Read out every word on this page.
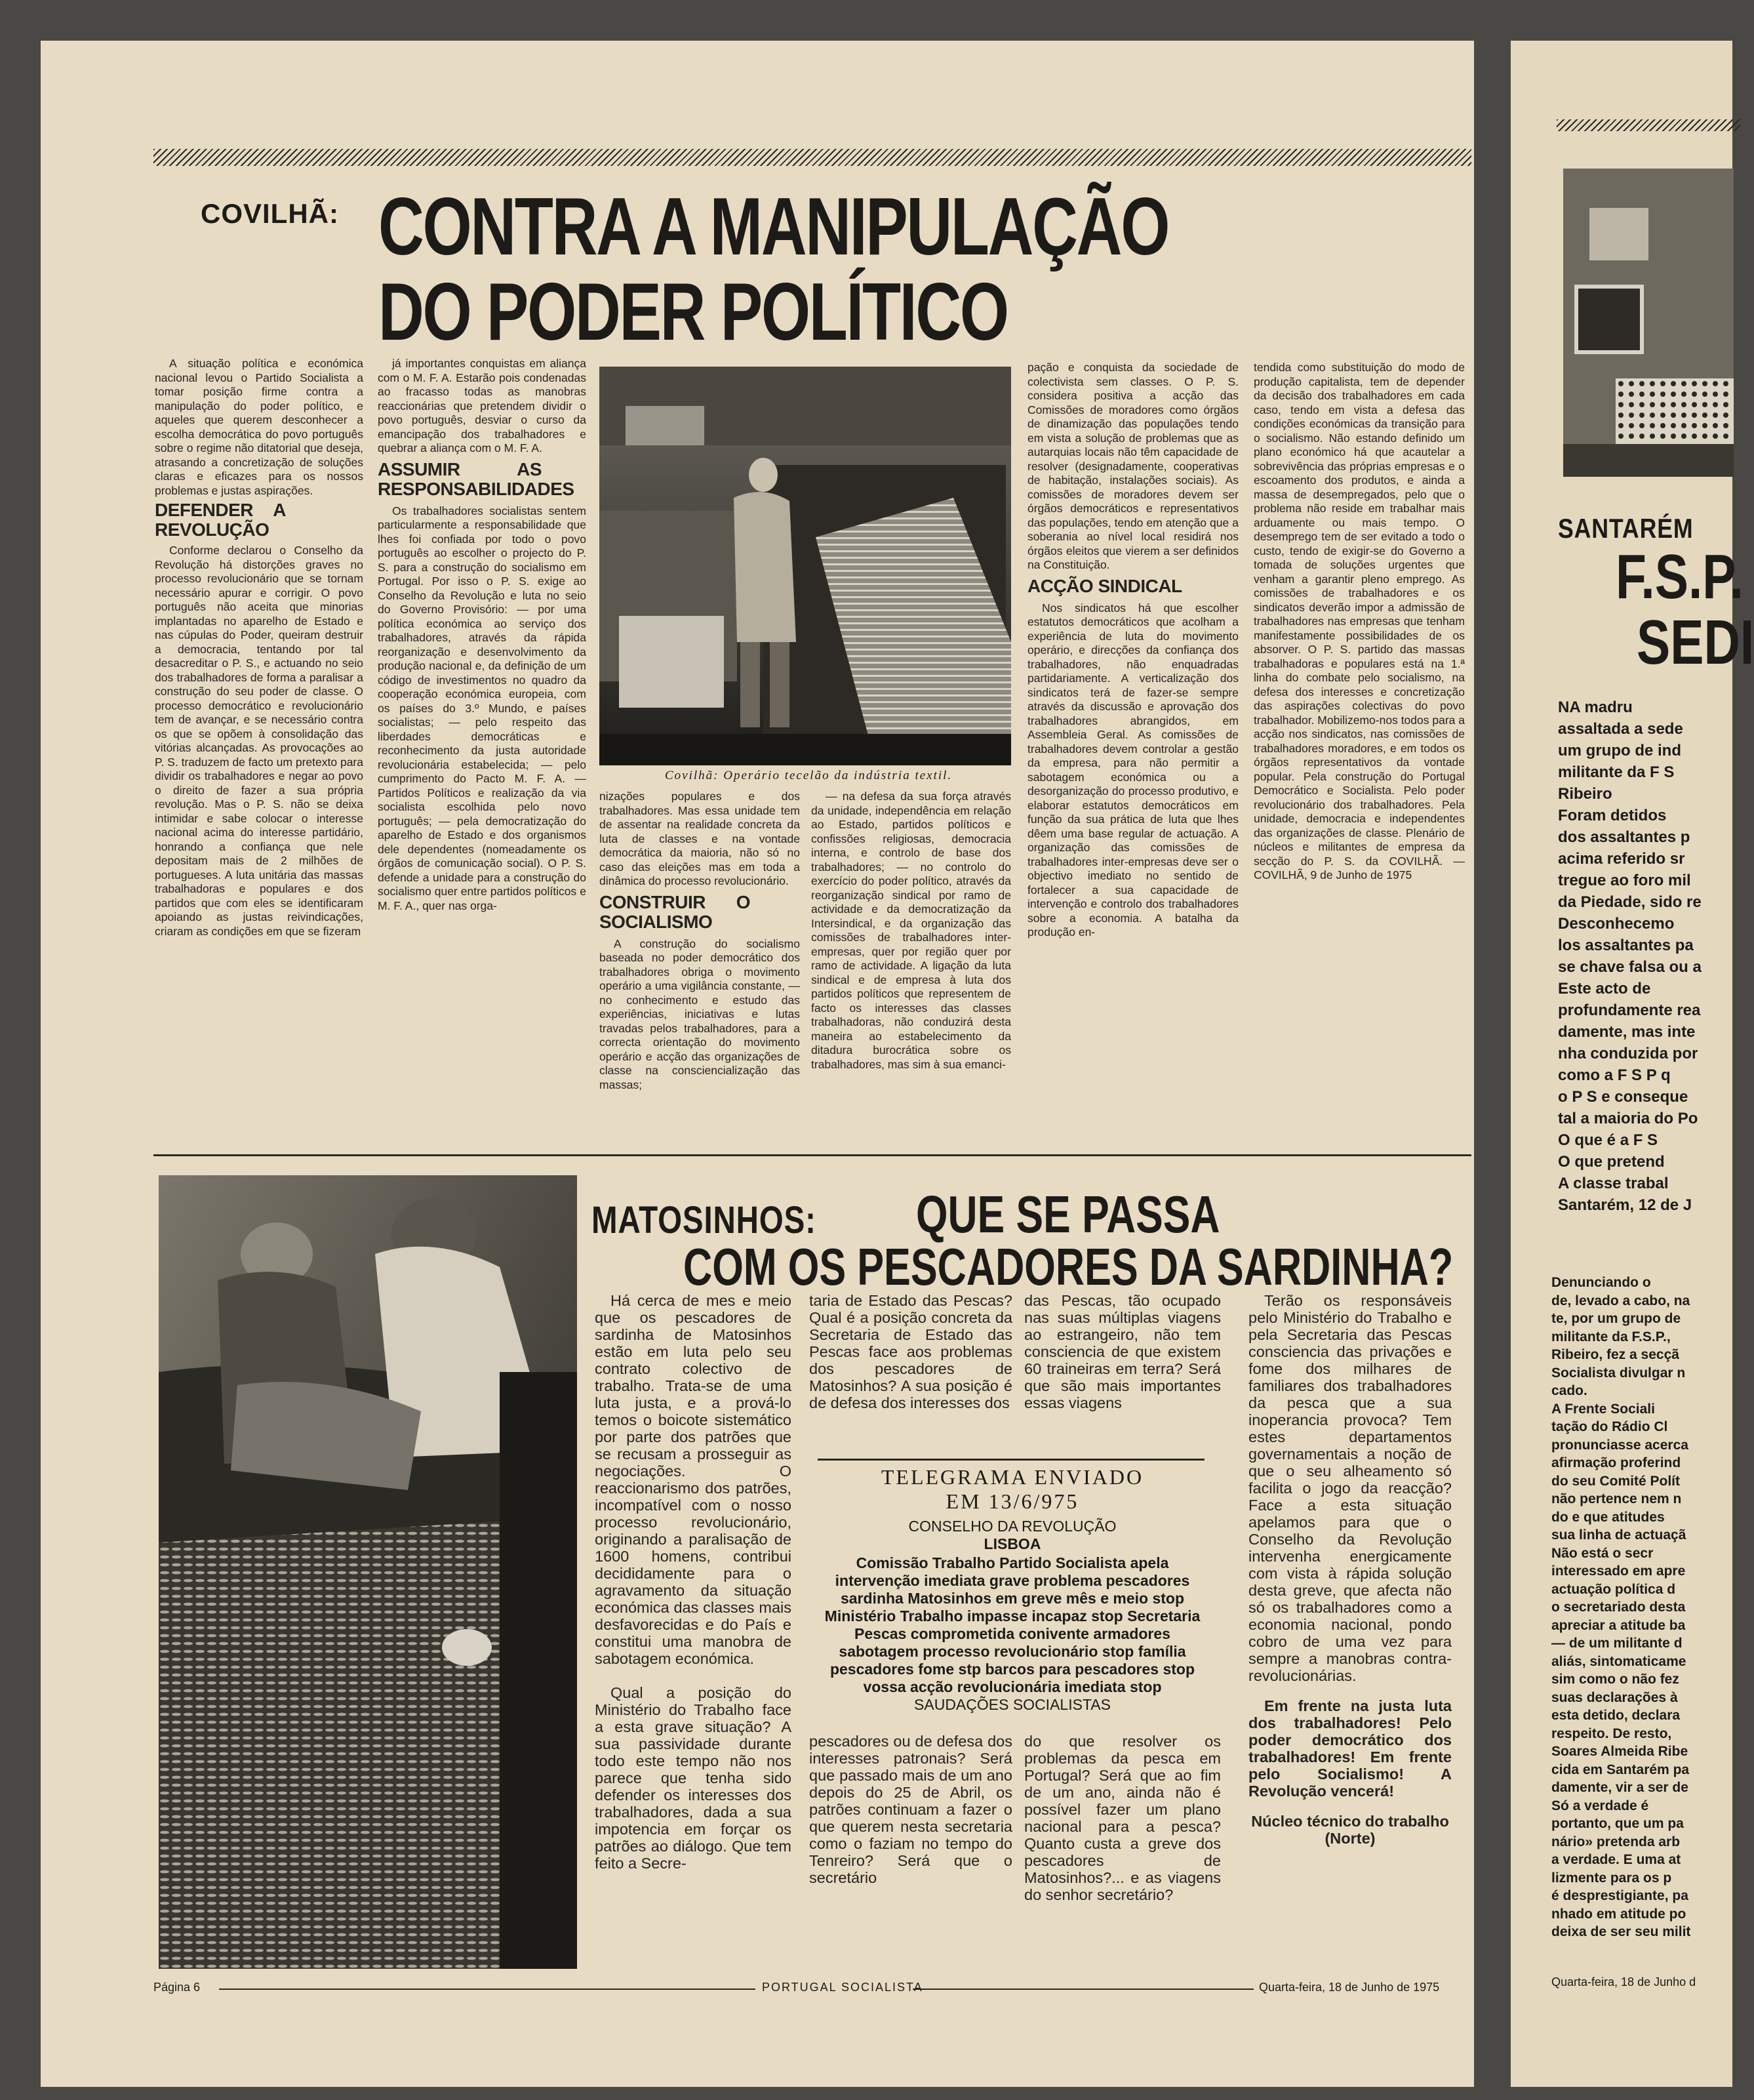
COVILHÃ: CONTRA A MANIPULAÇÃO
DO PODER POLÍTICO

A situação política e económica nacional levou o Partido Socialista a tomar posição firme contra a manipulação do poder político, e aqueles que querem desconhecer a escolha democrática do povo português sobre o regime não ditatorial que deseja, atrasando a concretização de soluções claras e eficazes para os nossos problemas e justas aspirações.

DEFENDER A REVOLUÇÃO

Conforme declarou o Conselho da Revolução há distorções graves no processo revolucionário que se tornam necessário apurar e corrigir. O povo português não aceita que minorias implantadas no aparelho de Estado e nas cúpulas do Poder, queiram destruir a democracia, tentando por tal desacreditar o P. S., e actuando no seio dos trabalhadores de forma a paralisar a construção do seu poder de classe. O processo democrático e revolucionário tem de avançar, e se necessário contra os que se opõem à consolidação das vitórias alcançadas. As provocações ao P. S. traduzem de facto um pretexto para dividir os trabalhadores e negar ao povo o direito de fazer a sua própria revolução. Mas o P. S. não se deixa intimidar e sabe colocar o interesse nacional acima do interesse partidário, honrando a confiança que nele depositam mais de 2 milhões de portugueses. A luta unitária das massas trabalhadoras e populares e dos partidos que com eles se identificaram apoiando as justas reivindicações, criaram as condições em que se fizeram

já importantes conquistas em aliança com o M. F. A. Estarão pois condenadas ao fracasso todas as manobras reaccionárias que pretendem dividir o povo português, desviar o curso da emancipação dos trabalhadores e quebrar a aliança com o M. F. A.

ASSUMIR AS RESPONSABILIDADES

Os trabalhadores socialistas sentem particularmente a responsabilidade que lhes foi confiada por todo o povo português ao escolher o projecto do P. S. para a construção do socialismo em Portugal. Por isso o P. S. exige ao Conselho da Revolução e luta no seio do Governo Provisório: — por uma política económica ao serviço dos trabalhadores, através da rápida reorganização e desenvolvimento da produção nacional e, da definição de um código de investimentos no quadro da cooperação económica europeia, com os países do 3.º Mundo, e países socialistas; — pelo respeito das liberdades democráticas e reconhecimento da justa autoridade revolucionária estabelecida; — pelo cumprimento do Pacto M. F. A. — Partidos Políticos e realização da via socialista escolhida pelo novo português; — pela democratização do aparelho de Estado e dos organismos dele dependentes (nomeadamente os órgãos de comunicação social). O P. S. defende a unidade para a construção do socialismo quer entre partidos políticos e M. F. A., quer nas orga-

Covilhã: Operário tecelão da indústria textil.

nizações populares e dos trabalhadores. Mas essa unidade tem de assentar na realidade concreta da luta de classes e na vontade democrática da maioria, não só no caso das eleições mas em toda a dinâmica do processo revolucionário.

CONSTRUIR O SOCIALISMO

A construção do socialismo baseada no poder democrático dos trabalhadores obriga o movimento operário a uma vigilância constante, — no conhecimento e estudo das experiências, iniciativas e lutas travadas pelos trabalhadores, para a correcta orientação do movimento operário e acção das organizações de classe na consciencialização das massas;

— na defesa da sua força através da unidade, independência em relação ao Estado, partidos políticos e confissões religiosas, democracia interna, e controlo de base dos trabalhadores; — no controlo do exercício do poder político, através da reorganização sindical por ramo de actividade e da democratização da Intersindical, e da organização das comissões de trabalhadores inter-empresas, quer por região quer por ramo de actividade. A ligação da luta sindical e de empresa à luta dos partidos políticos que representem de facto os interesses das classes trabalhadoras, não conduzirá desta maneira ao estabelecimento da ditadura burocrática sobre os trabalhadores, mas sim à sua emanci-

pação e conquista da sociedade de colectivista sem classes. O P. S. considera positiva a acção das Comissões de moradores como órgãos de dinamização das populações tendo em vista a solução de problemas que as autarquias locais não têm capacidade de resolver (designadamente, cooperativas de habitação, instalações sociais). As comissões de moradores devem ser órgãos democráticos e representativos das populações, tendo em atenção que a soberania ao nível local residirá nos órgãos eleitos que vierem a ser definidos na Constituição.

ACÇÃO SINDICAL

Nos sindicatos há que escolher estatutos democráticos que acolham a experiência de luta do movimento operário, e direcções da confiança dos trabalhadores, não enquadradas partidariamente. A verticalização dos sindicatos terá de fazer-se sempre através da discussão e aprovação dos trabalhadores abrangidos, em Assembleia Geral. As comissões de trabalhadores devem controlar a gestão da empresa, para não permitir a sabotagem económica ou a desorganização do processo produtivo, e elaborar estatutos democráticos em função da sua prática de luta que lhes dêem uma base regular de actuação. A organização das comissões de trabalhadores inter-empresas deve ser o objectivo imediato no sentido de fortalecer a sua capacidade de intervenção e controlo dos trabalhadores sobre a economia. A batalha da produção en-

tendida como substituição do modo de produção capitalista, tem de depender da decisão dos trabalhadores em cada caso, tendo em vista a defesa das condições económicas da transição para o socialismo. Não estando definido um plano económico há que acautelar a sobrevivência das próprias empresas e o escoamento dos produtos, e ainda a massa de desempregados, pelo que o problema não reside em trabalhar mais arduamente ou mais tempo. O desemprego tem de ser evitado a todo o custo, tendo de exigir-se do Governo a tomada de soluções urgentes que venham a garantir pleno emprego. As comissões de trabalhadores e os sindicatos deverão impor a admissão de trabalhadores nas empresas que tenham manifestamente possibilidades de os absorver. O P. S. partido das massas trabalhadoras e populares está na 1.ª linha do combate pelo socialismo, na defesa dos interesses e concretização das aspirações colectivas do povo trabalhador. Mobilizemo-nos todos para a acção nos sindicatos, nas comissões de trabalhadores moradores, e em todos os órgãos representativos da vontade popular. Pela construção do Portugal Democrático e Socialista. Pelo poder revolucionário dos trabalhadores. Pela unidade, democracia e independentes das organizações de classe. Plenário de núcleos e militantes de empresa da secção do P. S. da COVILHÃ. — COVILHÃ, 9 de Junho de 1975

MATOSINHOS: QUE SE PASSA
COM OS PESCADORES DA SARDINHA?

Há cerca de mes e meio que os pescadores de sardinha de Matosinhos estão em luta pelo seu contrato colectivo de trabalho. Trata-se de uma luta justa, e a prová-lo temos o boicote sistemático por parte dos patrões que se recusam a prosseguir as negociações. O reaccionarismo dos patrões, incompatível com o nosso processo revolucionário, originando a paralisação de 1600 homens, contribui decididamente para o agravamento da situação económica das classes mais desfavorecidas e do País e constitui uma manobra de sabotagem económica.

Qual a posição do Ministério do Trabalho face a esta grave situação? A sua passividade durante todo este tempo não nos parece que tenha sido defender os interesses dos trabalhadores, dada a sua impotencia em forçar os patrões ao diálogo. Que tem feito a Secre-

taria de Estado das Pescas? Qual é a posição concreta da Secretaria de Estado das Pescas face aos problemas dos pescadores de Matosinhos? A sua posição é de defesa dos interesses dos

das Pescas, tão ocupado nas suas múltiplas viagens ao estrangeiro, não tem consciencia de que existem 60 traineiras em terra? Será que são mais importantes essas viagens

TELEGRAMA ENVIADO
EM 13/6/975
CONSELHO DA REVOLUÇÃO
LISBOA
Comissão Trabalho Partido Socialista apela intervenção imediata grave problema pescadores sardinha Matosinhos em greve mês e meio stop Ministério Trabalho impasse incapaz stop Secretaria Pescas comprometida conivente armadores sabotagem processo revolucionário stop família pescadores fome stp barcos para pescadores stop vossa acção revolucionária imediata stop
SAUDAÇÕES SOCIALISTAS

pescadores ou de defesa dos interesses patronais? Será que passado mais de um ano depois do 25 de Abril, os patrões continuam a fazer o que querem nesta secretaria como o faziam no tempo do Tenreiro? Será que o secretário

do que resolver os problemas da pesca em Portugal? Será que ao fim de um ano, ainda não é possível fazer um plano nacional para a pesca? Quanto custa a greve dos pescadores de Matosinhos?... e as viagens do senhor secretário?

Terão os responsáveis pelo Ministério do Trabalho e pela Secretaria das Pescas consciencia das privações e fome dos milhares de familiares dos trabalhadores da pesca que a sua inoperancia provoca? Tem estes departamentos governamentais a noção de que o seu alheamento só facilita o jogo da reacção? Face a esta situação apelamos para que o Conselho da Revolução intervenha energicamente com vista à rápida solução desta greve, que afecta não só os trabalhadores como a economia nacional, pondo cobro de uma vez para sempre a manobras contra-revolucionárias.

Em frente na justa luta dos trabalhadores! Pelo poder democrático dos trabalhadores! Em frente pelo Socialismo! A Revolução vencerá!

Núcleo técnico do trabalho (Norte)

Página 6	PORTUGAL SOCIALISTA	Quarta-feira, 18 de Junho de 1975
SANTARÉM
F.S.P.
SEDI
NA madru
assaltada a sede
um grupo de ind
militante da F S
Ribeiro
Foram detidos
dos assaltantes p
acima referido sr
tregue ao foro mil
da Piedade, sido re
Desconhecemo
los assaltantes pa
se chave falsa ou a
Este acto de
profundamente rea
damente, mas inte
nha conduzida por
como a F S P q
o P S e conseque
tal a maioria do Po
O que é a F S
O que pretend
A classe trabal
Santarém, 12 de J
Denunciando o
de, levado a cabo, na
te, por um grupo de
militante da F.S.P.,
Ribeiro, fez a secçã
Socialista divulgar n
cado.
A Frente Sociali
tação do Rádio Cl
pronunciasse acerca
afirmação proferind
do seu Comité Polít
não pertence nem n
do e que atitudes
sua linha de actuaçã
Não está o secr
interessado em apre
actuação política d
o secretariado desta
apreciar a atitude ba
— de um militante d
aliás, sintomaticame
sim como o não fez
suas declarações à
esta detido, declara
respeito. De resto,
Soares Almeida Ribe
cida em Santarém pa
damente, vir a ser de
Só a verdade é
portanto, que um pa
nário» pretenda arb
a verdade. E uma at
lizmente para os p
é desprestigiante, pa
nhado em atitude po
deixa de ser seu milit
Quarta-feira, 18 de Junho d
